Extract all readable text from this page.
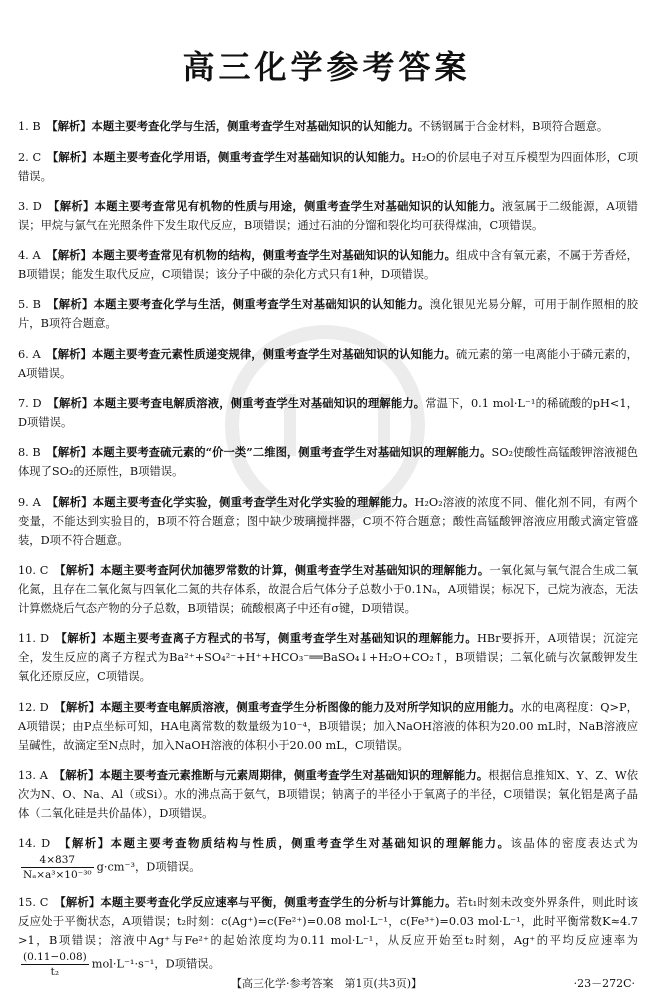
高三化学参考答案

1. B　 【解析】本题主要考查化学与生活，侧重考查学生对基础知识的认知能力。不锈钢属于合金材料，B项符合题意。

2. C　 【解析】本题主要考查化学用语，侧重考查学生对基础知识的认知能力。H₂O的价层电子对互斥模型为四面体形，C项错误。

3. D　 【解析】本题主要考查常见有机物的性质与用途，侧重考查学生对基础知识的认知能力。液氢属于二级能源，A项错误；甲烷与氯气在光照条件下发生取代反应，B项错误；通过石油的分馏和裂化均可获得煤油，C项错误。

4. A　 【解析】本题主要考查常见有机物的结构，侧重考查学生对基础知识的认知能力。组成中含有氧元素，不属于芳香烃，B项错误；能发生取代反应，C项错误；该分子中碳的杂化方式只有1种，D项错误。

5. B　 【解析】本题主要考查化学与生活，侧重考查学生对基础知识的认知能力。溴化银见光易分解，可用于制作照相的胶片，B项符合题意。

6. A　 【解析】本题主要考查元素性质递变规律，侧重考查学生对基础知识的认知能力。硫元素的第一电离能小于磷元素的，A项错误。

7. D　 【解析】本题主要考查电解质溶液，侧重考查学生对基础知识的理解能力。常温下，0.1 mol·L⁻¹的稀硫酸的pH<1，D项错误。

8. B　 【解析】本题主要考查硫元素的“价一类”二维图，侧重考查学生对基础知识的理解能力。SO₂使酸性高锰酸钾溶液褪色体现了SO₂的还原性，B项错误。

9. A　 【解析】本题主要考查化学实验，侧重考查学生对化学实验的理解能力。H₂O₂溶液的浓度不同、催化剂不同，有两个变量，不能达到实验目的，B项不符合题意；图中缺少玻璃搅拌器，C项不符合题意；酸性高锰酸钾溶液应用酸式滴定管盛装，D项不符合题意。

10. C　 【解析】本题主要考查阿伏加德罗常数的计算，侧重考查学生对基础知识的理解能力。一氧化氮与氧气混合生成二氧化氮，且存在二氧化氮与四氧化二氮的共存体系，故混合后气体分子总数小于0.1Nₐ，A项错误；标况下，己烷为液态，无法计算燃烧后气态产物的分子总数，B项错误；硫酸根离子中还有σ键，D项错误。

11. D　 【解析】本题主要考查离子方程式的书写，侧重考查学生对基础知识的理解能力。HBr要拆开，A项错误；沉淀完全，发生反应的离子方程式为Ba²⁺+SO₄²⁻+H⁺+HCO₃⁻══BaSO₄↓+H₂O+CO₂↑，B项错误；二氧化硫与次氯酸钾发生氧化还原反应，C项错误。

12. D　 【解析】本题主要考查电解质溶液，侧重考查学生分析图像的能力及对所学知识的应用能力。水的电离程度：Q>P，A项错误；由P点坐标可知，HA电离常数的数量级为10⁻⁴，B项错误；加入NaOH溶液的体积为20.00 mL时，NaB溶液应呈碱性，故滴定至N点时，加入NaOH溶液的体积小于20.00 mL，C项错误。

13. A　 【解析】本题主要考查元素推断与元素周期律，侧重考查学生对基础知识的理解能力。根据信息推知X、Y、Z、W依次为N、O、Na、Al（或Si）。水的沸点高于氨气，B项错误；钠离子的半径小于氧离子的半径，C项错误；氧化铝是离子晶体（二氧化硅是共价晶体），D项错误。

14. D　 【解析】本题主要考查物质结构与性质，侧重考查学生对基础知识的理解能力。该晶体的密度表达式为
$\frac{4\times 837}{\text{Nₐ×a³×10⁻³⁰}} g\cdot cm^{-3}$，D项错误。

15. C　 【解析】本题主要考查化学反应速率与平衡，侧重考查学生的分析与计算能力。若t₁时刻未改变外界条件，则此时该反应处于平衡状态，A项错误；t₂时刻：c(Ag⁺)=c(Fe²⁺)=0.08 mol·L⁻¹，c(Fe³⁺)=0.03 mol·L⁻¹，此时平衡常数K≈4.7>1，B项错误；溶液中Ag⁺与Fe²⁺的起始浓度均为0.11 mol·L⁻¹，从反应开始至t₂时刻，Ag⁺的平均反应速率为
$\frac{(0.11-0.08)}{\text{t₂}} mol\cdot L^{-1}\cdot s^{-1}$，D项错误。

【高三化学·参考答案　第1页(共3页)】	·23－272C·
